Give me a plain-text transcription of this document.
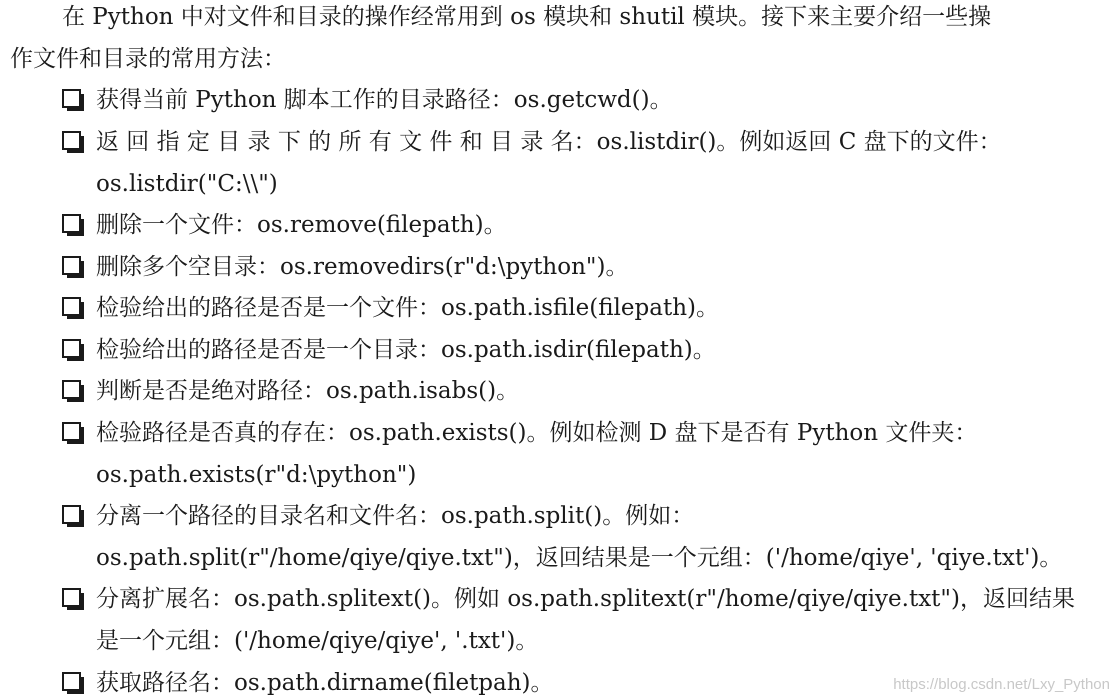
在 Python 中对文件和目录的操作经常用到 os 模块和 shutil 模块。接下来主要介绍一些操
作文件和目录的常用方法：
获得当前 Python 脚本工作的目录路径：os.getcwd()。
返 回 指 定 目 录 下 的 所 有 文 件 和 目 录 名：os.listdir()。例如返回 C 盘下的文件：
os.listdir("C:\\")
删除一个文件：os.remove(filepath)。
删除多个空目录：os.removedirs(r"d:\python")。
检验给出的路径是否是一个文件：os.path.isfile(filepath)。
检验给出的路径是否是一个目录：os.path.isdir(filepath)。
判断是否是绝对路径：os.path.isabs()。
检验路径是否真的存在：os.path.exists()。例如检测 D 盘下是否有 Python 文件夹：
os.path.exists(r"d:\python")
分离一个路径的目录名和文件名：os.path.split()。例如：
os.path.split(r"/home/qiye/qiye.txt")，返回结果是一个元组：('/home/qiye', 'qiye.txt')。
分离扩展名：os.path.splitext()。例如 os.path.splitext(r"/home/qiye/qiye.txt")，返回结果
是一个元组：('/home/qiye/qiye', '.txt')。
获取路径名：os.path.dirname(filetpah)。	https://blog.csdn.net/Lxy_Python
